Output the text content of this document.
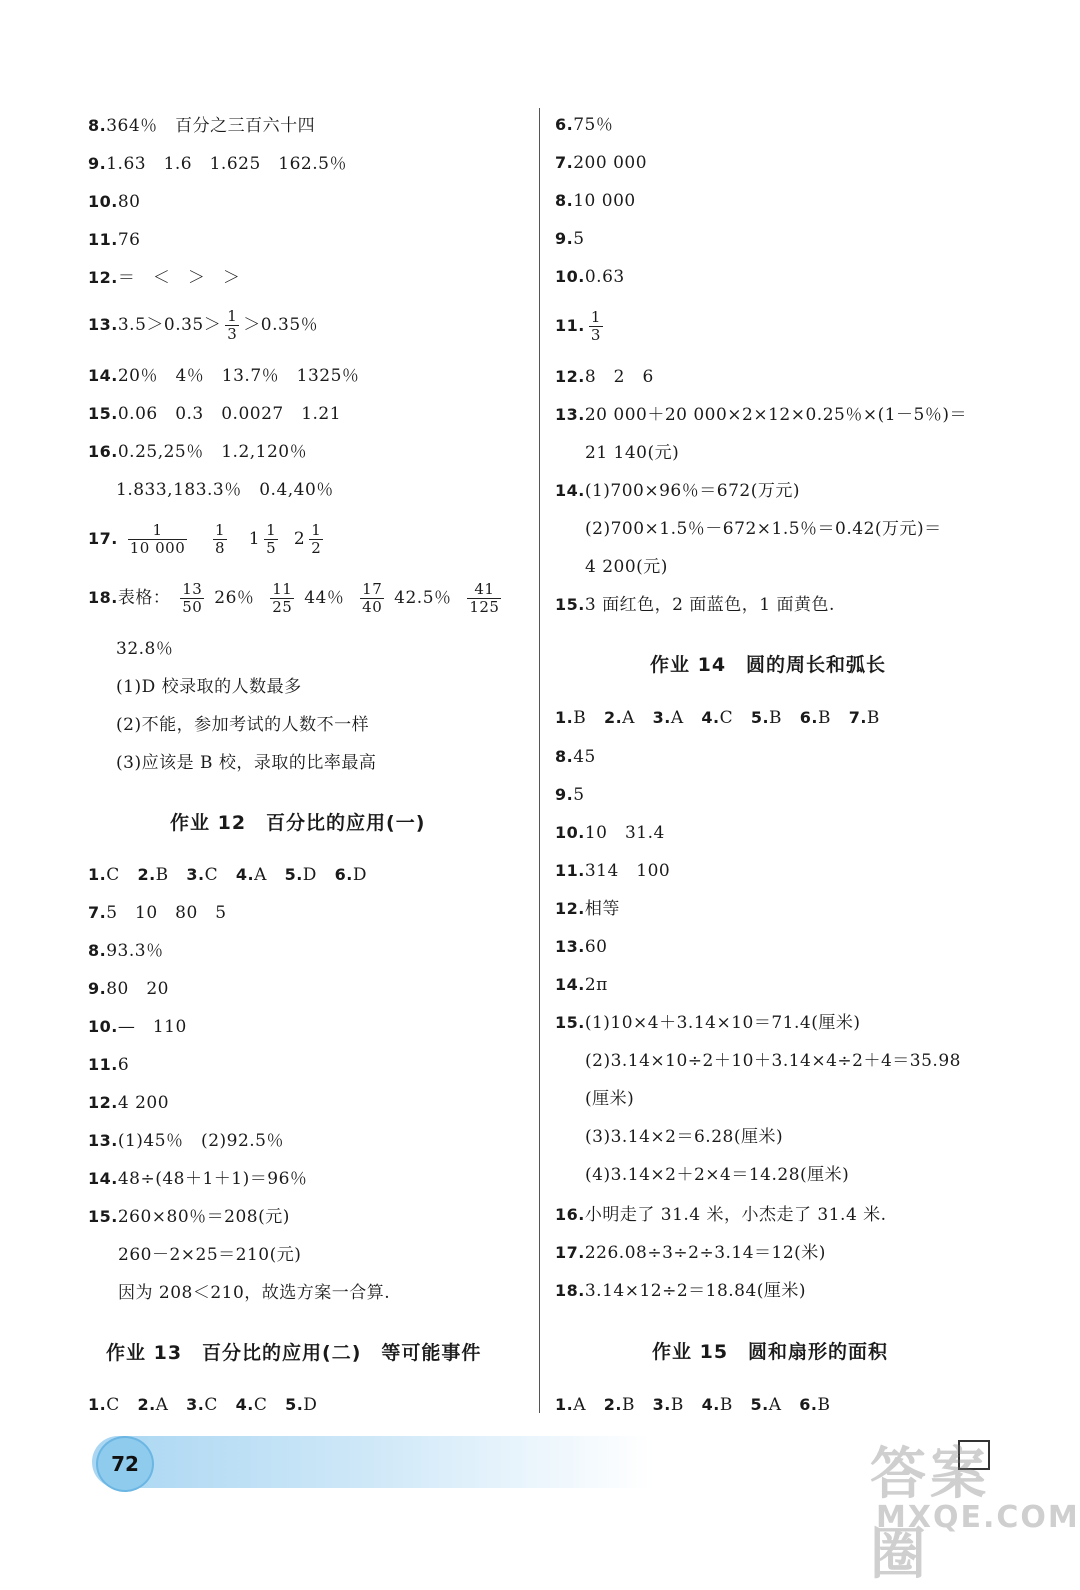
8.364％　百分之三百六十四
9.1.63　1.6　1.625　162.5％
10.80
11.76
12.＝　＜　＞　＞
$13.3.5>0.35> \frac{1}{3} >0.35$％
14.20％　4％　13.7％　1325％
15.0.06　0.3　0.0027　1.21
16.0.25,25％　1.2,120％
1.833,183.3％　0.4,40％
17. $\frac{1}{10 000}$
$\frac{1}{8} 1 \frac{1}{5} 2 \frac{1}{2}$
18.表格： $\frac{13}{50} 26$％ $\frac{11}{25} 44$％ $\frac{17}{40} 42.5$％ $\frac{41}{125}$
32.8％
(1)D 校录取的人数最多
(2)不能，参加考试的人数不一样
(3)应该是 B 校，录取的比率最高
作业 12　百分比的应用(一)
1.C 2.B 3.C 4.A 5.D 6.D
7.5　10　80　5
8.93.3％
9.80　20
10.—　110
11.6
12.4 200
13.(1)45％　(2)92.5％
14.48÷(48＋1＋1)＝96％
15.260×80％＝208(元)
260－2×25＝210(元)
因为 208＜210，故选方案一合算.
作业 13　百分比的应用(二)　等可能事件
1.C 2.A 3.C 4.C 5.D
6.75％
7.200 000
8.10 000
9.5
10.0.63
11. $\frac{1}{3}$
12.8　2　6
13.20 000＋20 000×2×12×0.25％×(1－5％)＝
21 140(元)
14.(1)700×96％＝672(万元)
(2)700×1.5％－672×1.5％＝0.42(万元)＝
4 200(元)
15.3 面红色，2 面蓝色，1 面黄色.
作业 14　圆的周长和弧长
1.B 2.A 3.A 4.C 5.B 6.B 7.B
8.45
9.5
10.10　31.4
11.314　100
12.相等
13.60
14.2π
15.(1)10×4＋3.14×10＝71.4(厘米)
(2)3.14×10÷2＋10＋3.14×4÷2＋4＝35.98
(厘米)
(3)3.14×2＝6.28(厘米)
(4)3.14×2＋2×4＝14.28(厘米)
16.小明走了 31.4 米，小杰走了 31.4 米.
17.226.08÷3÷2÷3.14＝12(米)
18.3.14×12÷2＝18.84(厘米)
作业 15　圆和扇形的面积
1.A 2.B 3.B 4.B 5.A 6.B
72	答案圈
MXQE.COM
